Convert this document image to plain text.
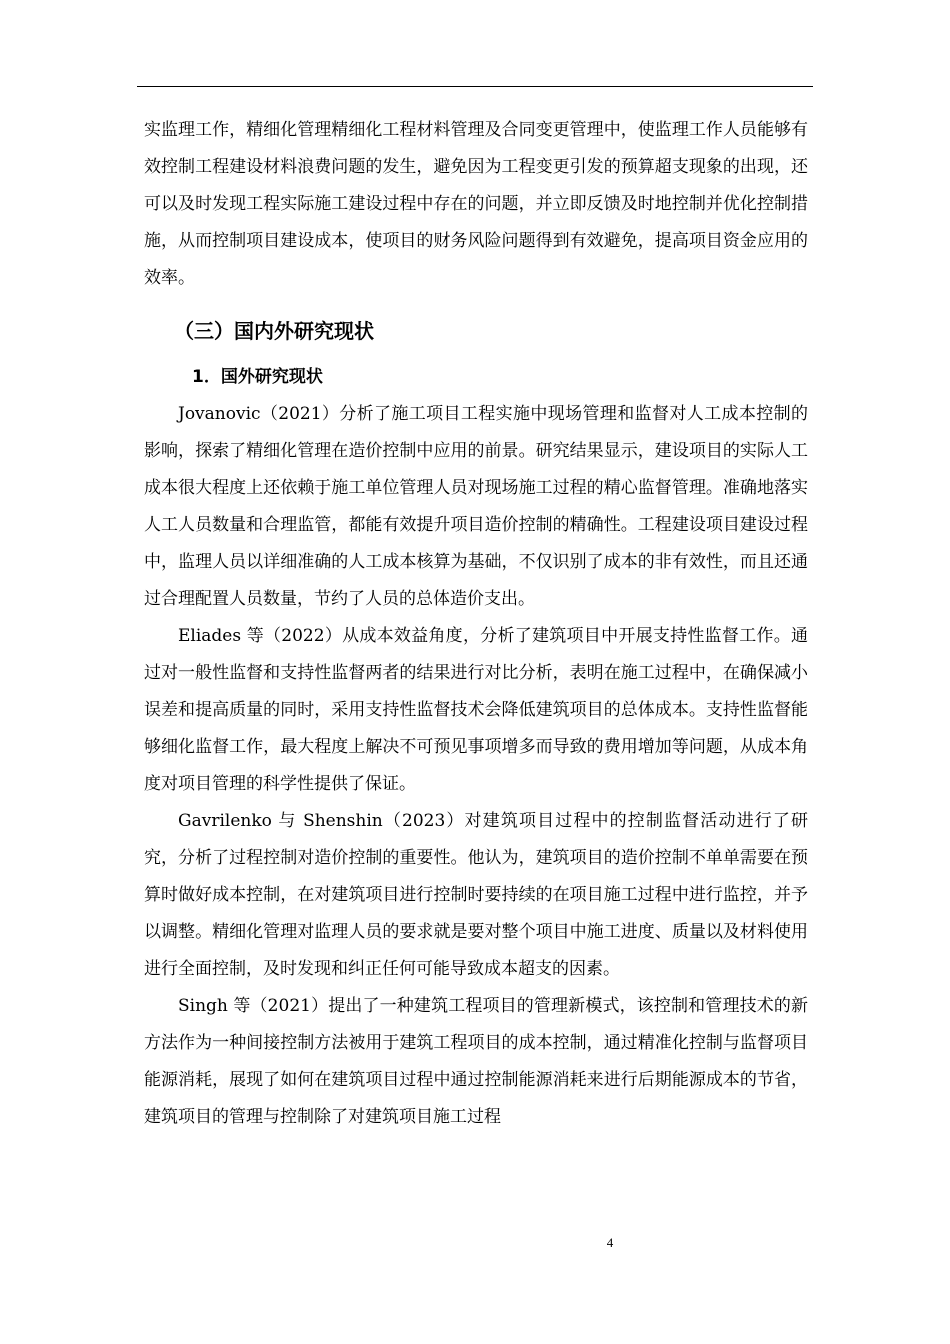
实监理工作，精细化管理精细化工程材料管理及合同变更管理中，使监理工作人员能够有效控制工程建设材料浪费问题的发生，避免因为工程变更引发的预算超支现象的出现，还可以及时发现工程实际施工建设过程中存在的问题，并立即反馈及时地控制并优化控制措施，从而控制项目建设成本，使项目的财务风险问题得到有效避免，提高项目资金应用的效率。

（三）国内外研究现状
1．国外研究现状

Jovanovic（2021）分析了施工项目工程实施中现场管理和监督对人工成本控制的影响，探索了精细化管理在造价控制中应用的前景。研究结果显示，建设项目的实际人工成本很大程度上还依赖于施工单位管理人员对现场施工过程的精心监督管理。准确地落实人工人员数量和合理监管，都能有效提升项目造价控制的精确性。工程建设项目建设过程中，监理人员以详细准确的人工成本核算为基础，不仅识别了成本的非有效性，而且还通过合理配置人员数量，节约了人员的总体造价支出。

Eliades 等（2022）从成本效益角度，分析了建筑项目中开展支持性监督工作。通过对一般性监督和支持性监督两者的结果进行对比分析，表明在施工过程中，在确保减小误差和提高质量的同时，采用支持性监督技术会降低建筑项目的总体成本。支持性监督能够细化监督工作，最大程度上解决不可预见事项增多而导致的费用增加等问题，从成本角度对项目管理的科学性提供了保证。

Gavrilenko 与 Shenshin（2023）对建筑项目过程中的控制监督活动进行了研究，分析了过程控制对造价控制的重要性。他认为，建筑项目的造价控制不单单需要在预算时做好成本控制，在对建筑项目进行控制时要持续的在项目施工过程中进行监控，并予以调整。精细化管理对监理人员的要求就是要对整个项目中施工进度、质量以及材料使用进行全面控制，及时发现和纠正任何可能导致成本超支的因素。

Singh 等（2021）提出了一种建筑工程项目的管理新模式，该控制和管理技术的新方法作为一种间接控制方法被用于建筑工程项目的成本控制，通过精准化控制与监督项目能源消耗，展现了如何在建筑项目过程中通过控制能源消耗来进行后期能源成本的节省，建筑项目的管理与控制除了对建筑项目施工过程

4
